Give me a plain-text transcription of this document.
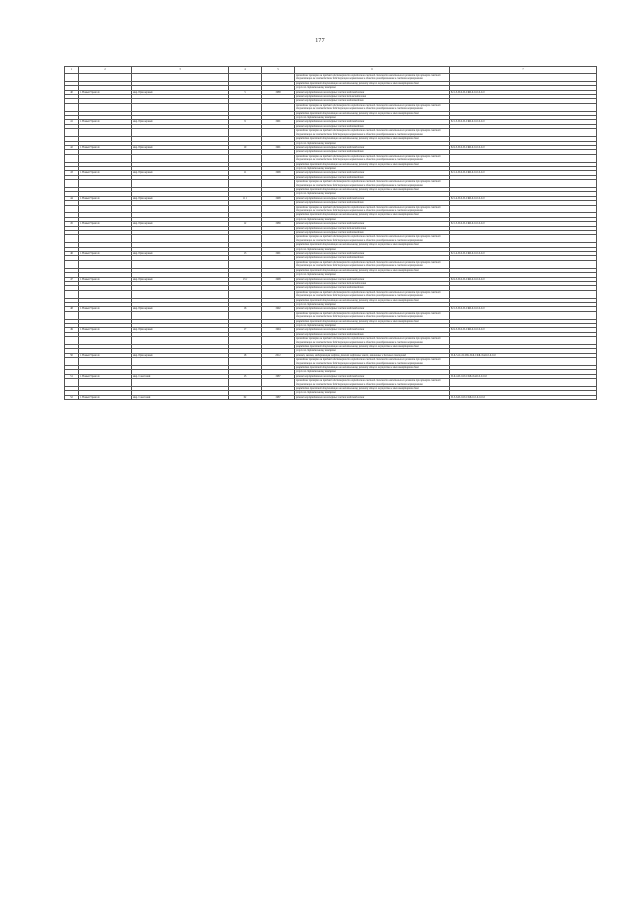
177
1	2	3	4	5	6	7
					проведение проверки на предмет достоверности определения сметной стоимости капитального ремонта при проверке сметной документации на соответствие действующим нормативам в области ценообразования в сметном нормировании	
					разработка проектной документации на капитальному ремонту общего имущества в многоквартирном доме	
					услуги по строительному контролю	
40	г. Новый Уренгой	мкр. Приозерный	5	1988	ремонт внутридомовых инженерных систем водоснабжения	Б-5-3-П-0-П-СКБ-0-0-0-0-0-0
					ремонт внутридомовых инженерных систем теплоснабжения	
					ремонт внутридомовых инженерных систем водоотведения	
					проведение проверки на предмет достоверности определения сметной стоимости капитального ремонта при проверке сметной документации на соответствие действующим нормативам в области ценообразования в сметном нормировании	
					разработка проектной документации на капитальному ремонту общего имущества в многоквартирном доме	
					услуги по строительному контролю	
41	г. Новый Уренгой	мкр. Приозерный	9	1991	ремонт внутридомовых инженерных систем водоснабжения	Б-5-3-П-0-П-СКБ-0-0-0-0-0-0
					ремонт внутридомовых инженерных систем водоотведения	
					проведение проверки на предмет достоверности определения сметной стоимости капитального ремонта при проверке сметной документации на соответствие действующим нормативам в области ценообразования в сметном нормировании	
					разработка проектной документации на капитальному ремонту общего имущества в многоквартирном доме	
					услуги по строительному контролю	
42	г. Новый Уренгой	мкр. Приозерный	10	1991	ремонт внутридомовых инженерных систем водоснабжения	Б-9-3-П-0-П-СКБ-0-0-0-0-0-0
					ремонт внутридомовых инженерных систем водоотведения	
					проведение проверки на предмет достоверности определения сметной стоимости капитального ремонта при проверке сметной документации на соответствие действующим нормативам в области ценообразования в сметном нормировании	
					разработка проектной документации на капитальному ремонту общего имущества в многоквартирном доме	
					услуги по строительному контролю	
43	г. Новый Уренгой	мкр. Приозерный	11	1996	ремонт внутридомовых инженерных систем водоснабжения	Б-5-2-П-0-П-СКБ-0-0-0-0-0-0
					ремонт внутридомовых инженерных систем водоотведения	
					проведение проверки на предмет достоверности определения сметной стоимости капитального ремонта при проверке сметной документации на соответствие действующим нормативам в области ценообразования в сметном нормировании	
					разработка проектной документации на капитальному ремонту общего имущества в многоквартирном доме	
					услуги по строительному контролю	
44	г. Новый Уренгой	мкр. Приозерный	11 г	1998	ремонт внутридомовых инженерных систем водоснабжения	Б-5-4-П-0-П-СКБ-0-0-0-0-0-0
					ремонт внутридомовых инженерных систем водоотведения	
					проведение проверки на предмет достоверности определения сметной стоимости капитального ремонта при проверке сметной документации на соответствие действующим нормативам в области ценообразования в сметном нормировании	
					разработка проектной документации на капитальному ремонту общего имущества в многоквартирном доме	
					услуги по строительному контролю	
45	г. Новый Уренгой	мкр. Приозерный	12	1989	ремонт внутридомовых инженерных систем водоснабжения	Б-5-3-П-0-П-СКБ-0-0-0-0-0-0
					ремонт внутридомовых инженерных систем теплоснабжения	
					ремонт внутридомовых инженерных систем водоотведения	
					проведение проверки на предмет достоверности определения сметной стоимости капитального ремонта при проверке сметной документации на соответствие действующим нормативам в области ценообразования в сметном нормировании	
					разработка проектной документации на капитальному ремонту общего имущества в многоквартирном доме	
					услуги по строительному контролю	
46	г. Новый Уренгой	мкр. Приозерный	13	1991	ремонт внутридомовых инженерных систем водоснабжения	Б-5-4-П-0-П-СКБ-0-0-0-0-0-0
					ремонт внутридомовых инженерных систем водоотведения	
					проведение проверки на предмет достоверности определения сметной стоимости капитального ремонта при проверке сметной документации на соответствие действующим нормативам в области ценообразования в сметном нормировании	
					разработка проектной документации на капитальному ремонту общего имущества в многоквартирном доме	
					услуги по строительному контролю	
47	г. Новый Уренгой	мкр. Приозерный	13 г	1998	ремонт внутридомовых инженерных систем водоснабжения	Б-9-3-П-0-П-СКБ-0-0-0-0-0-0
					ремонт внутридомовых инженерных систем теплоснабжения	
					ремонт внутридомовых инженерных систем водоотведения	
					проведение проверки на предмет достоверности определения сметной стоимости капитального ремонта при проверке сметной документации на соответствие действующим нормативам в области ценообразования в сметном нормировании	
					разработка проектной документации на капитальному ремонту общего имущества в многоквартирном доме	
					услуги по строительному контролю	
48	г. Новый Уренгой	мкр. Приозерный	16	1992	ремонт внутридомовых инженерных систем водоснабжения	Б-5-3-П-0-П-СКБ-0-0-0-0-0-0
					проведение проверки на предмет достоверности определения сметной стоимости капитального ремонта при проверке сметной документации на соответствие действующим нормативам в области ценообразования в сметном нормировании	
					разработка проектной документации на капитальному ремонту общего имущества в многоквартирном доме	
					услуги по строительному контролю	
49	г. Новый Уренгой	мкр. Приозерный	17	1994	ремонт внутридомовых инженерных систем водоснабжения	Б-9-3-П-0-П-СКБ-0-0-0-0-0-0
					ремонт внутридомовых инженерных систем водоотведения	
					проведение проверки на предмет достоверности определения сметной стоимости капитального ремонта при проверке сметной документации на соответствие действующим нормативам в области ценообразования в сметном нормировании	
					разработка проектной документации на капитальному ремонту общего имущества в многоквартирном доме	
					услуги по строительному контролю	
50	г. Новый Уренгой	мкр. Приозерный	18	2012	ремонт, замена, модернизация лифтов, ремонт лифтовых шахт, машинных и блочных помещений	П-6-5-О-сО-ПК-П-Б-СКБ-ЛАО-0-0-0-0
					проведение проверки на предмет достоверности определения сметной стоимости капитального ремонта при проверке сметной документации на соответствие действующим нормативам в области ценообразования в сметном нормировании	
					разработка проектной документации на капитальному ремонту общего имущества в многоквартирном доме	
					услуги по строительному контролю	
51	г. Новый Уренгой	мкр. Советский	13	1987	ремонт внутридомовых инженерных систем водоснабжения	П-9-4-П-0-П-СКБ-ЛАО-0-0-0-0
					проведение проверки на предмет достоверности определения сметной стоимости капитального ремонта при проверке сметной документации на соответствие действующим нормативам в области ценообразования в сметном нормировании	
					разработка проектной документации на капитальному ремонту общего имущества в многоквартирном доме	
					услуги по строительному контролю	
52	г. Новый Уренгой	мкр. Советский	02	1987	ремонт внутридомовых инженерных систем водоснабжения	П-5-6-П-0-П-СКБ-0-0-0-0-0-0
